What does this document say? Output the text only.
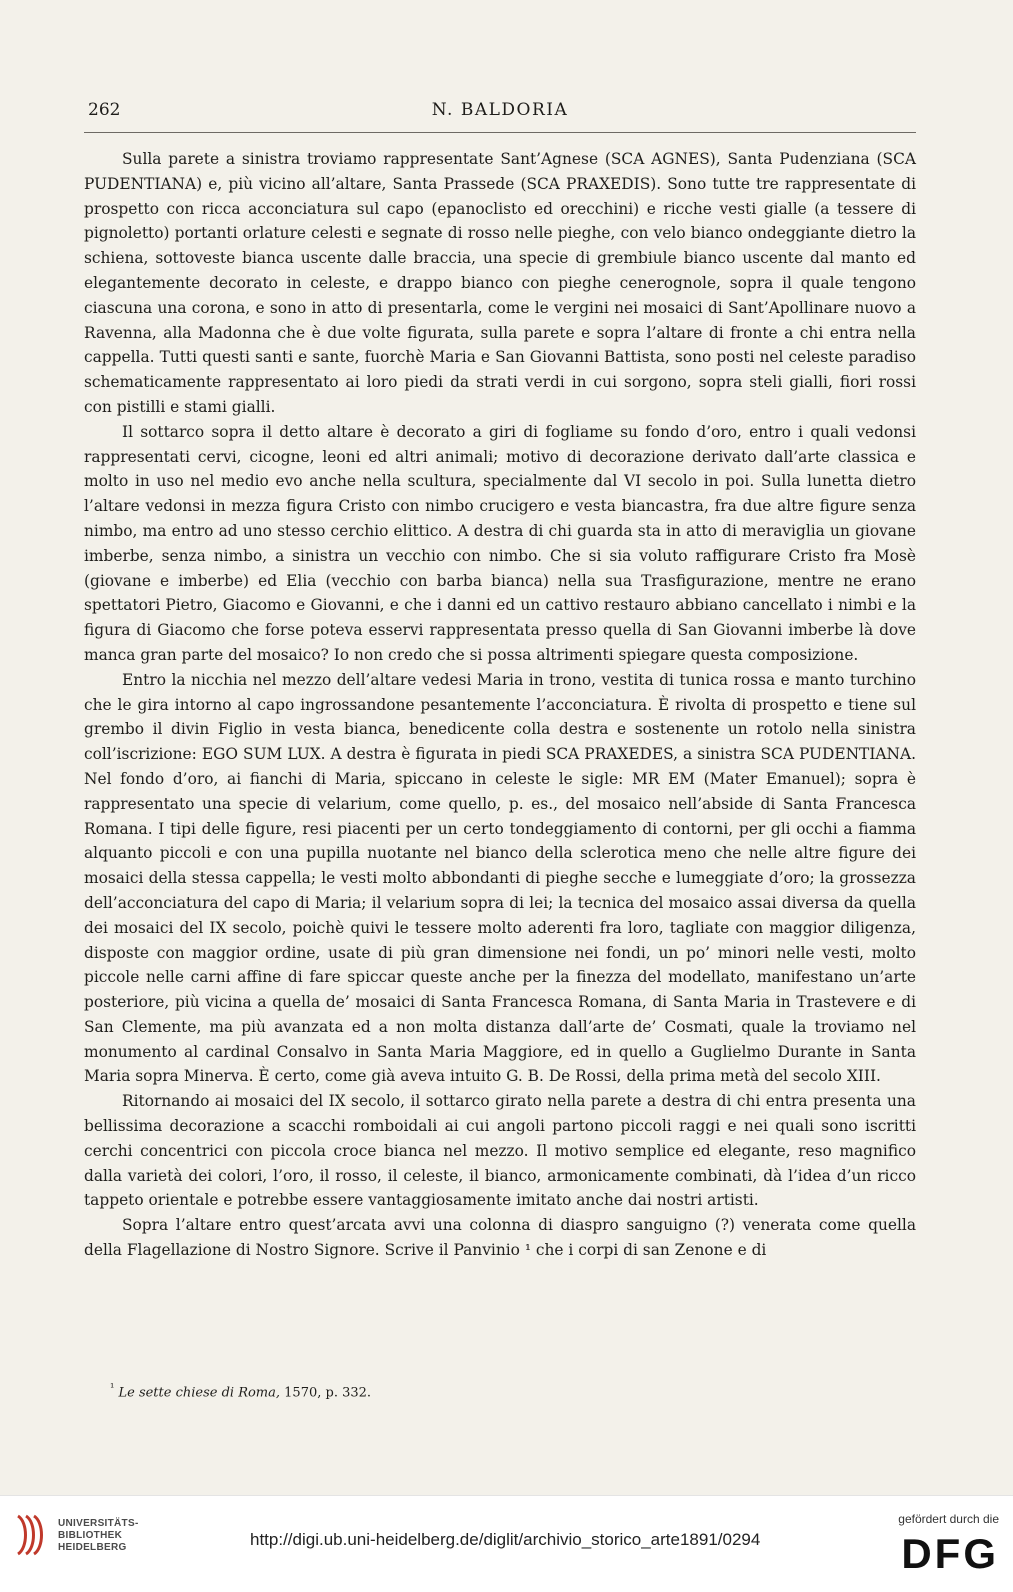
262	N. BALDORIA

Sulla parete a sinistra troviamo rappresentate Sant’Agnese (SCA AGNES), Santa Pudenziana (SCA PUDENTIANA) e, più vicino all’altare, Santa Prassede (SCA PRAXEDIS). Sono tutte tre rappresentate di prospetto con ricca acconciatura sul capo (epanoclisto ed orecchini) e ricche vesti gialle (a tessere di pignoletto) portanti orlature celesti e segnate di rosso nelle pieghe, con velo bianco ondeggiante dietro la schiena, sottoveste bianca uscente dalle braccia, una specie di grembiule bianco uscente dal manto ed elegantemente decorato in celeste, e drappo bianco con pieghe cenerognole, sopra il quale tengono ciascuna una corona, e sono in atto di presentarla, come le vergini nei mosaici di Sant’Apollinare nuovo a Ravenna, alla Madonna che è due volte figurata, sulla parete e sopra l’altare di fronte a chi entra nella cappella. Tutti questi santi e sante, fuorchè Maria e San Giovanni Battista, sono posti nel celeste paradiso schematicamente rappresentato ai loro piedi da strati verdi in cui sorgono, sopra steli gialli, fiori rossi con pistilli e stami gialli.

Il sottarco sopra il detto altare è decorato a giri di fogliame su fondo d’oro, entro i quali vedonsi rappresentati cervi, cicogne, leoni ed altri animali; motivo di decorazione derivato dall’arte classica e molto in uso nel medio evo anche nella scultura, specialmente dal VI secolo in poi. Sulla lunetta dietro l’altare vedonsi in mezza figura Cristo con nimbo crucigero e vesta biancastra, fra due altre figure senza nimbo, ma entro ad uno stesso cerchio elittico. A destra di chi guarda sta in atto di meraviglia un giovane imberbe, senza nimbo, a sinistra un vecchio con nimbo. Che si sia voluto raffigurare Cristo fra Mosè (giovane e imberbe) ed Elia (vecchio con barba bianca) nella sua Trasfigurazione, mentre ne erano spettatori Pietro, Giacomo e Giovanni, e che i danni ed un cattivo restauro abbiano cancellato i nimbi e la figura di Giacomo che forse poteva esservi rappresentata presso quella di San Giovanni imberbe là dove manca gran parte del mosaico? Io non credo che si possa altrimenti spiegare questa composizione.

Entro la nicchia nel mezzo dell’altare vedesi Maria in trono, vestita di tunica rossa e manto turchino che le gira intorno al capo ingrossandone pesantemente l’acconciatura. È rivolta di prospetto e tiene sul grembo il divin Figlio in vesta bianca, benedicente colla destra e sostenente un rotolo nella sinistra coll’iscrizione: EGO SUM LUX. A destra è figurata in piedi SCA PRAXEDES, a sinistra SCA PUDENTIANA. Nel fondo d’oro, ai fianchi di Maria, spiccano in celeste le sigle: MR EM (Mater Emanuel); sopra è rappresentato una specie di velarium, come quello, p. es., del mosaico nell’abside di Santa Francesca Romana. I tipi delle figure, resi piacenti per un certo tondeggiamento di contorni, per gli occhi a fiamma alquanto piccoli e con una pupilla nuotante nel bianco della sclerotica meno che nelle altre figure dei mosaici della stessa cappella; le vesti molto abbondanti di pieghe secche e lumeggiate d’oro; la grossezza dell’acconciatura del capo di Maria; il velarium sopra di lei; la tecnica del mosaico assai diversa da quella dei mosaici del IX secolo, poichè quivi le tessere molto aderenti fra loro, tagliate con maggior diligenza, disposte con maggior ordine, usate di più gran dimensione nei fondi, un po’ minori nelle vesti, molto piccole nelle carni affine di fare spiccar queste anche per la finezza del modellato, manifestano un’arte posteriore, più vicina a quella de’ mosaici di Santa Francesca Romana, di Santa Maria in Trastevere e di San Clemente, ma più avanzata ed a non molta distanza dall’arte de’ Cosmati, quale la troviamo nel monumento al cardinal Consalvo in Santa Maria Maggiore, ed in quello a Guglielmo Durante in Santa Maria sopra Minerva. È certo, come già aveva intuito G. B. De Rossi, della prima metà del secolo XIII.

Ritornando ai mosaici del IX secolo, il sottarco girato nella parete a destra di chi entra presenta una bellissima decorazione a scacchi romboidali ai cui angoli partono piccoli raggi e nei quali sono iscritti cerchi concentrici con piccola croce bianca nel mezzo. Il motivo semplice ed elegante, reso magnifico dalla varietà dei colori, l’oro, il rosso, il celeste, il bianco, armonicamente combinati, dà l’idea d’un ricco tappeto orientale e potrebbe essere vantaggiosamente imitato anche dai nostri artisti.

Sopra l’altare entro quest’arcata avvi una colonna di diaspro sanguigno (?) venerata come quella della Flagellazione di Nostro Signore. Scrive il Panvinio ¹ che i corpi di san Zenone e di

$^{^1}$ Le sette chiese di Roma, 1570, p. 332.
UNIVERSITÄTS-
BIBLIOTHEK
HEIDELBERG	http://digi.ub.uni-heidelberg.de/diglit/archivio_storico_arte1891/0294
gefördert durch die
DFG
